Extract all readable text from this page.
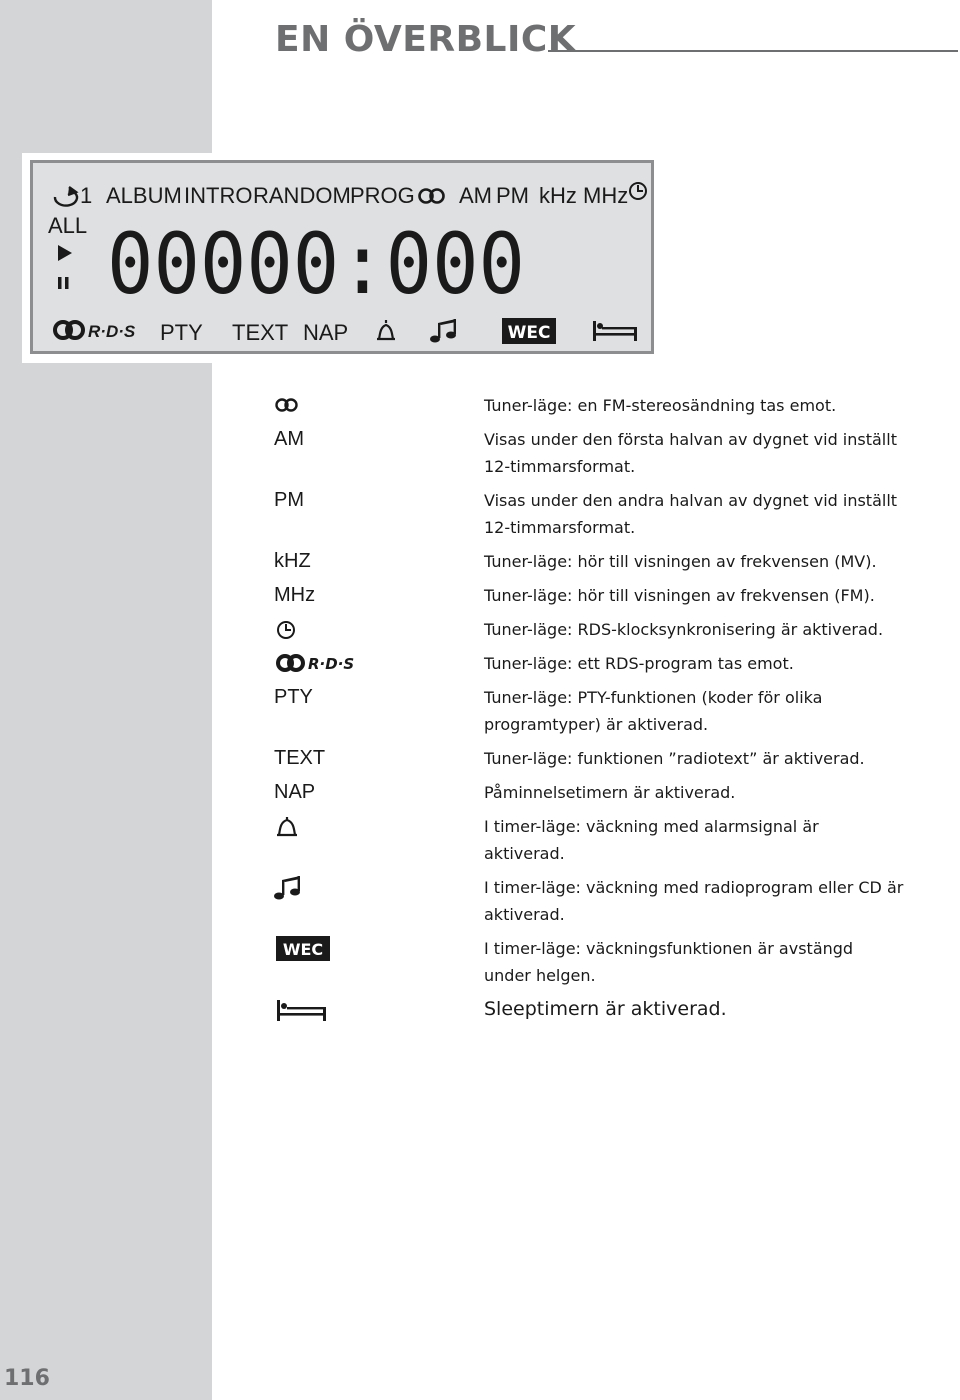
EN ÖVERBLICK
1 ALBUM INTRO RANDOM PROG AM PM kHz MHz
ALL 00000:000
R·D·S PTY TEXT NAP	WEC
Tuner-läge: en FM-stereosändning tas emot.
AM	Visas under den första halvan av dygnet vid inställt 12-timmarsformat.
PM	Visas under den andra halvan av dygnet vid inställt 12-timmarsformat.
kHZ	Tuner-läge: hör till visningen av frekvensen (MV).
MHz	Tuner-läge: hör till visningen av frekvensen (FM).
Tuner-läge: RDS-klocksynkronisering är aktiverad.
R·D·S	Tuner-läge: ett RDS-program tas emot.
PTY	Tuner-läge: PTY-funktionen (koder för olika programtyper) är aktiverad.
TEXT	Tuner-läge: funktionen ”radiotext” är aktiverad.
NAP	Påminnelsetimern är aktiverad.
I timer-läge: väckning med alarmsignal är aktiverad.
I timer-läge: väckning med radioprogram eller CD är aktiverad.
WEC	I timer-läge: väckningsfunktionen är avstängd under helgen.
Sleeptimern är aktiverad.
116
